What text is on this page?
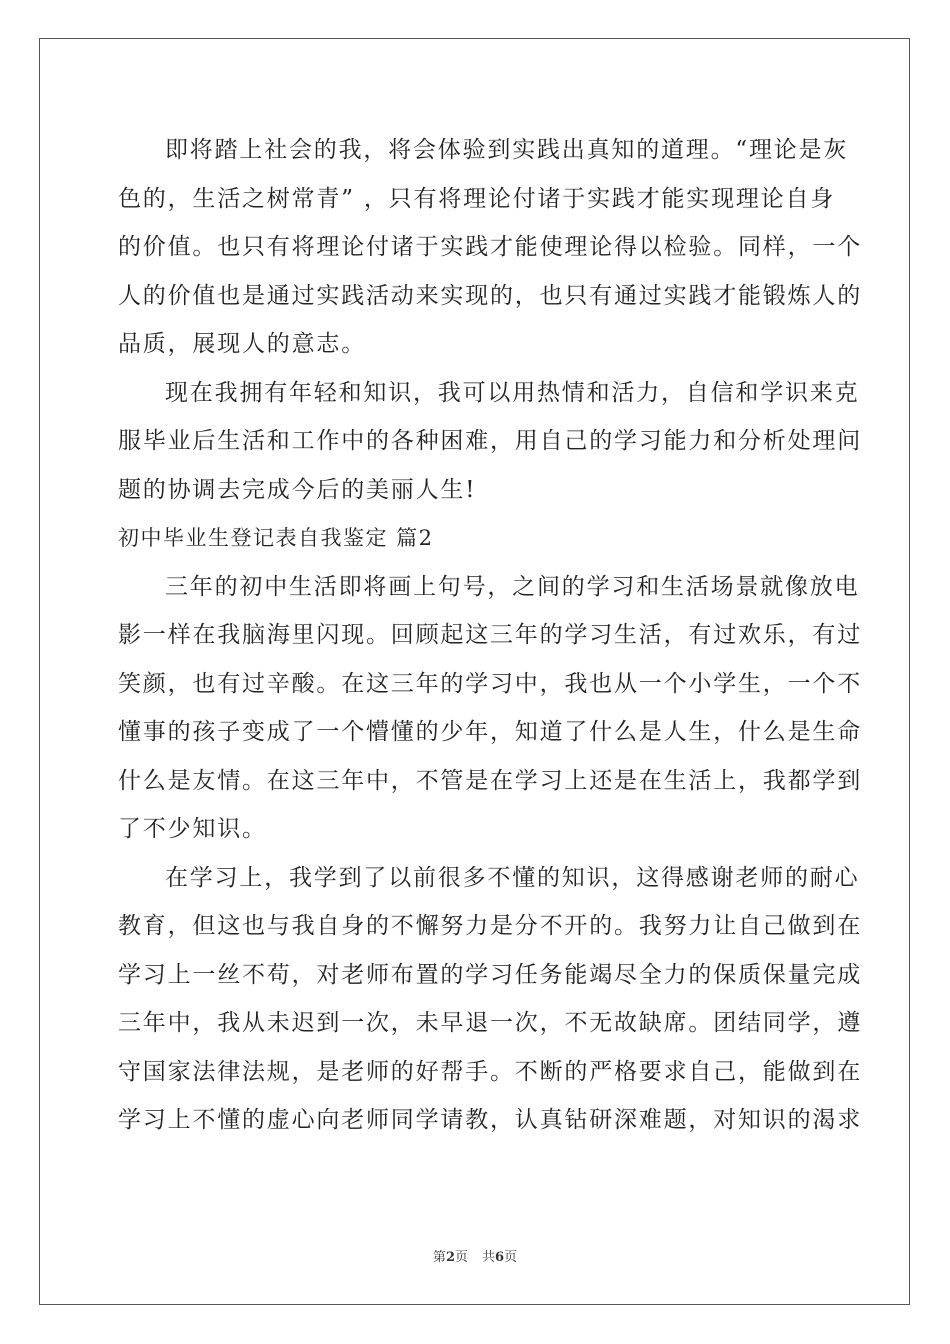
即将踏上社会的我，将会体验到实践出真知的道理。“理论是灰
色的，生活之树常青” ，只有将理论付诸于实践才能实现理论自身
的价值。也只有将理论付诸于实践才能使理论得以检验。同样，一个
人的价值也是通过实践活动来实现的，也只有通过实践才能锻炼人的
品质，展现人的意志。
现在我拥有年轻和知识，我可以用热情和活力，自信和学识来克
服毕业后生活和工作中的各种困难，用自己的学习能力和分析处理问
题的协调去完成今后的美丽人生!
初中毕业生登记表自我鉴定 篇2
三年的初中生活即将画上句号，之间的学习和生活场景就像放电
影一样在我脑海里闪现。回顾起这三年的学习生活，有过欢乐，有过
笑颜，也有过辛酸。在这三年的学习中，我也从一个小学生，一个不
懂事的孩子变成了一个懵懂的少年，知道了什么是人生，什么是生命
什么是友情。在这三年中，不管是在学习上还是在生活上，我都学到
了不少知识。
在学习上，我学到了以前很多不懂的知识，这得感谢老师的耐心
教育，但这也与我自身的不懈努力是分不开的。我努力让自己做到在
学习上一丝不苟，对老师布置的学习任务能竭尽全力的保质保量完成
三年中，我从未迟到一次，未早退一次，不无故缺席。团结同学，遵
守国家法律法规，是老师的好帮手。不断的严格要求自己，能做到在
学习上不懂的虚心向老师同学请教，认真钻研深难题，对知识的渴求
第2页 共6页
